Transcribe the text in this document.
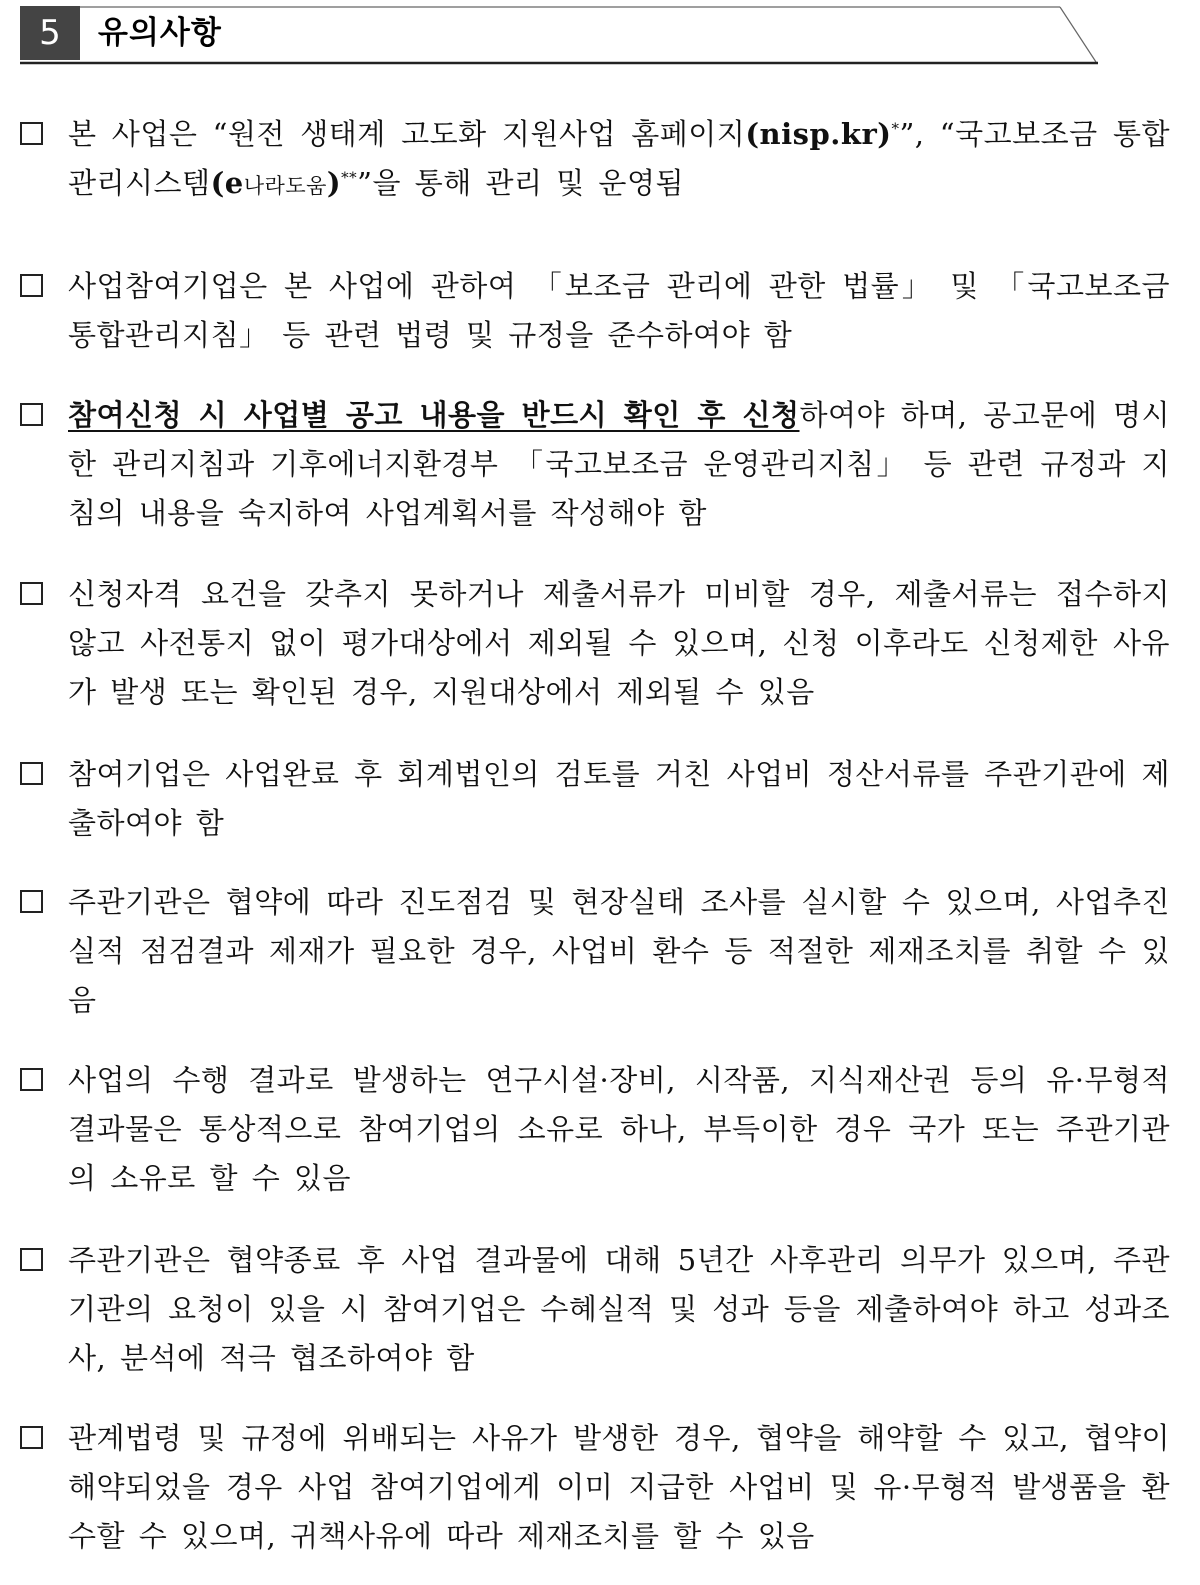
5	유의사항
본 사업은 “원전 생태계 고도화 지원사업 홈페이지(nisp.kr)*”, “국고보조금 통합관리시스템(e나라도움)**”을 통해 관리 및 운영됨
사업참여기업은 본 사업에 관하여 「보조금 관리에 관한 법률」 및 「국고보조금 통합관리지침」 등 관련 법령 및 규정을 준수하여야 함
참여신청 시 사업별 공고 내용을 반드시 확인 후 신청하여야 하며, 공고문에 명시한 관리지침과 기후에너지환경부 「국고보조금 운영관리지침」 등 관련 규정과 지침의 내용을 숙지하여 사업계획서를 작성해야 함
신청자격 요건을 갖추지 못하거나 제출서류가 미비할 경우, 제출서류는 접수하지 않고 사전통지 없이 평가대상에서 제외될 수 있으며, 신청 이후라도 신청제한 사유가 발생 또는 확인된 경우, 지원대상에서 제외될 수 있음
참여기업은 사업완료 후 회계법인의 검토를 거친 사업비 정산서류를 주관기관에 제출하여야 함
주관기관은 협약에 따라 진도점검 및 현장실태 조사를 실시할 수 있으며, 사업추진실적 점검결과 제재가 필요한 경우, 사업비 환수 등 적절한 제재조치를 취할 수 있음
사업의 수행 결과로 발생하는 연구시설·장비, 시작품, 지식재산권 등의 유·무형적 결과물은 통상적으로 참여기업의 소유로 하나, 부득이한 경우 국가 또는 주관기관의 소유로 할 수 있음
주관기관은 협약종료 후 사업 결과물에 대해 5년간 사후관리 의무가 있으며, 주관기관의 요청이 있을 시 참여기업은 수혜실적 및 성과 등을 제출하여야 하고 성과조사, 분석에 적극 협조하여야 함
관계법령 및 규정에 위배되는 사유가 발생한 경우, 협약을 해약할 수 있고, 협약이 해약되었을 경우 사업 참여기업에게 이미 지급한 사업비 및 유·무형적 발생품을 환수할 수 있으며, 귀책사유에 따라 제재조치를 할 수 있음
